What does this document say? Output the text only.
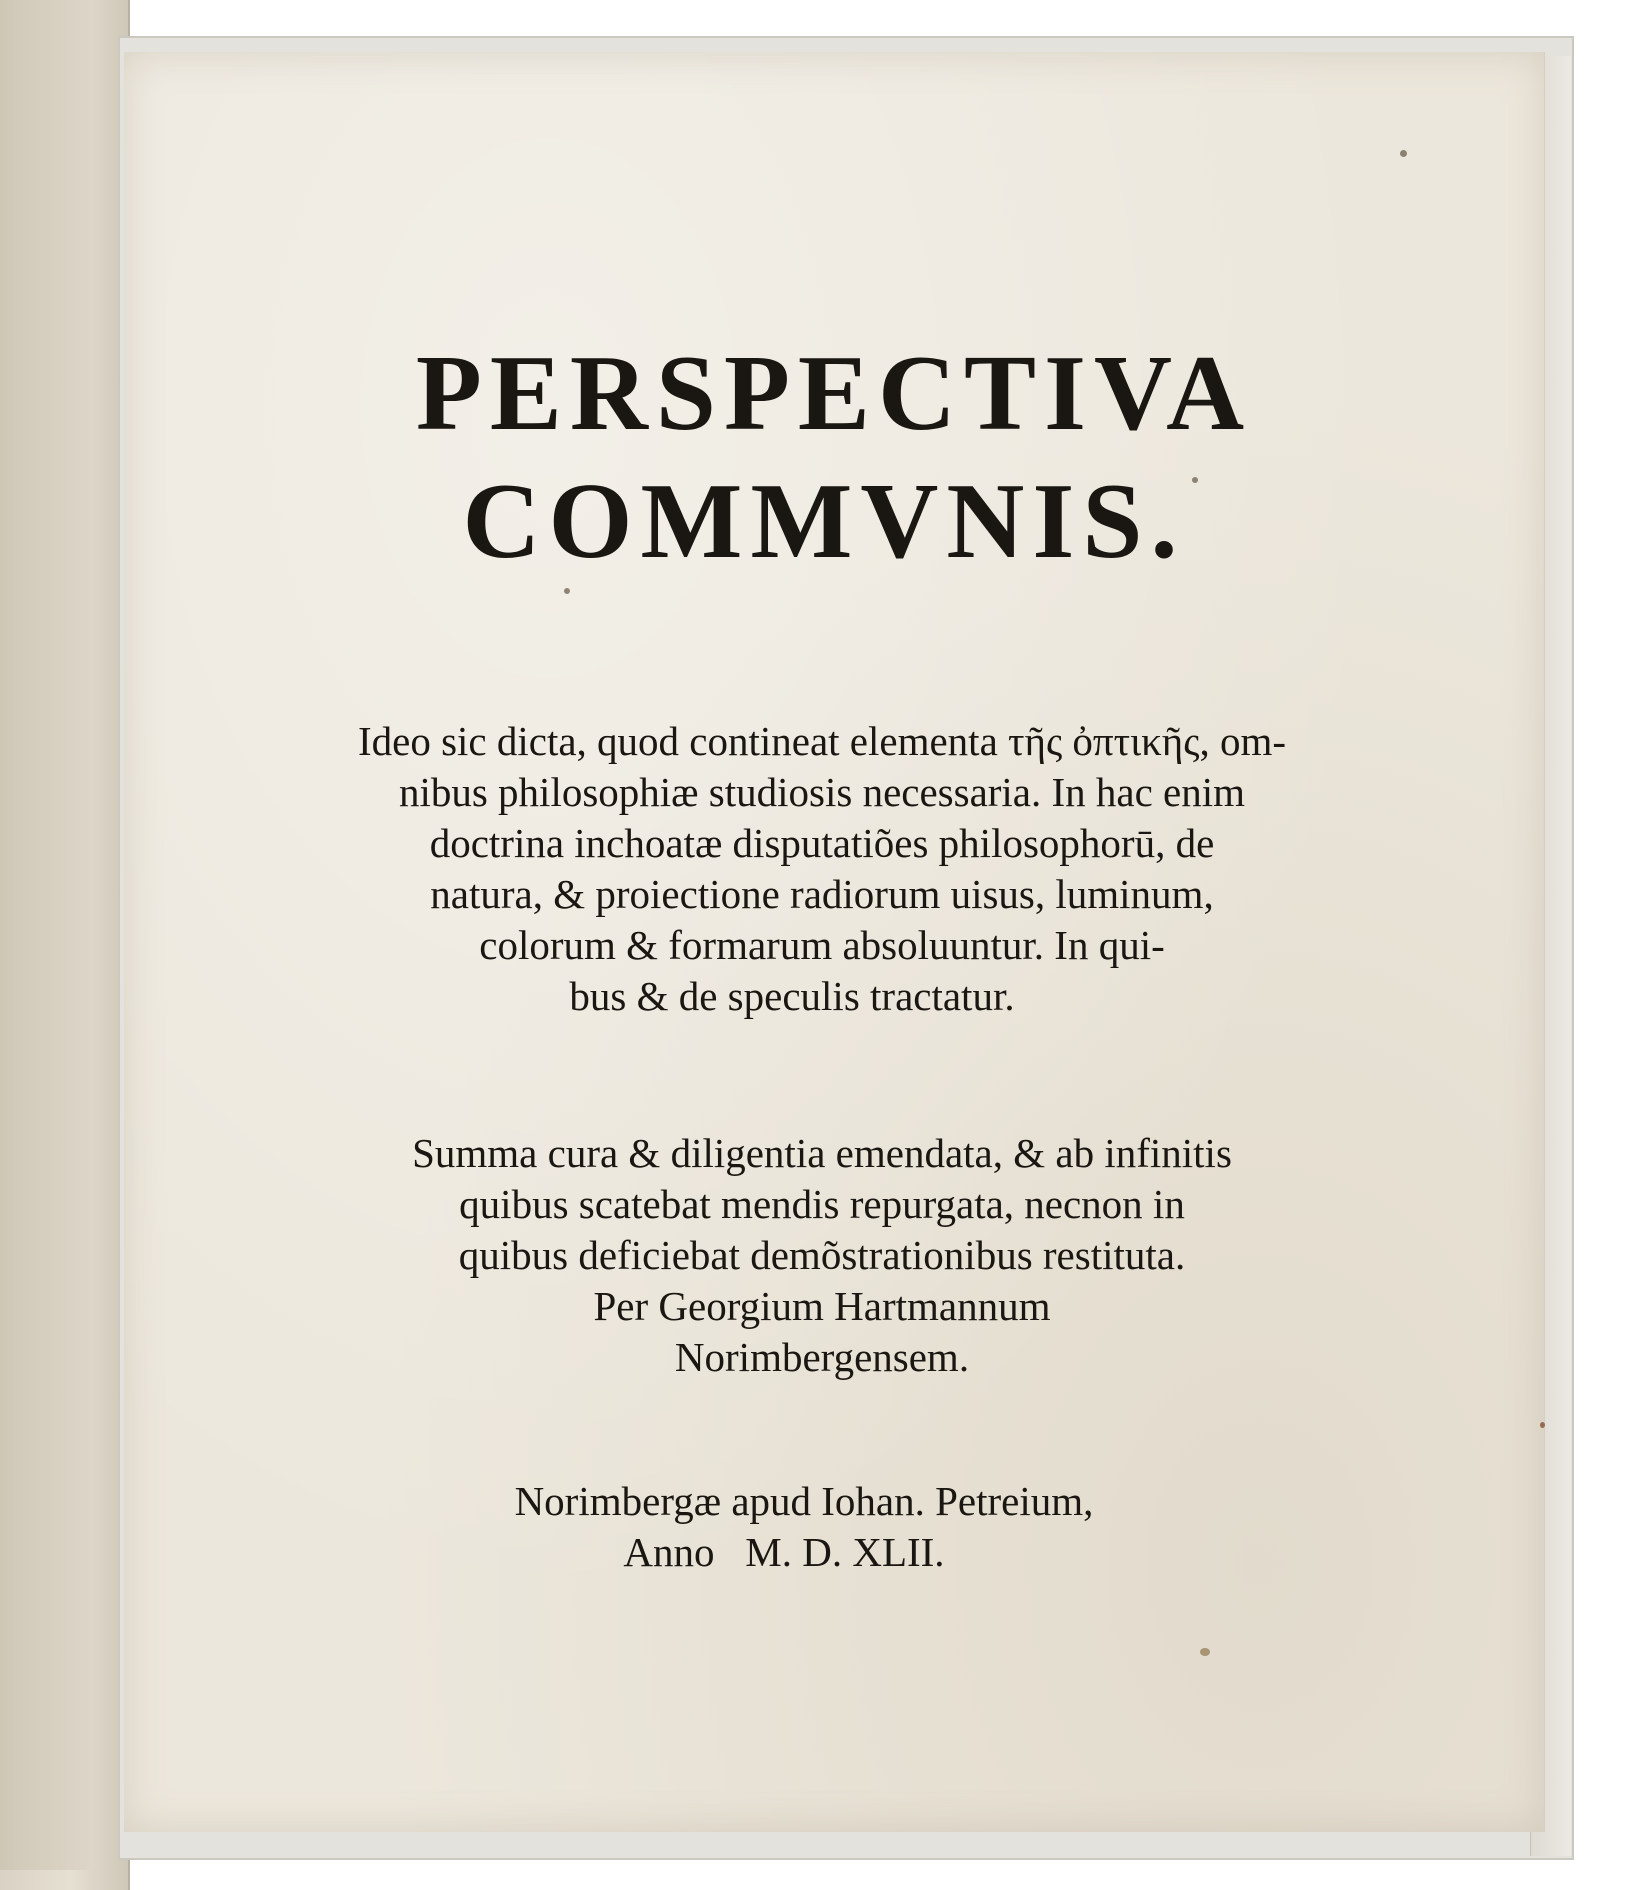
PERSPECTIVA

COMMVNIS.

Ideo sic dicta, quod contineat elementa τῆς ὀπτικῆς, om-

nibus philosophiæ studiosis necessaria. In hac enim

doctrina inchoatæ disputatiões philosophorū, de

natura, & proiectione radiorum uisus, luminum,

colorum & formarum absoluuntur. In qui-

bus & de speculis tractatur.

Summa cura & diligentia emendata, & ab infinitis

quibus scatebat mendis repurgata, necnon in

quibus deficiebat demõstrationibus restituta.

Per Georgium Hartmannum

Norimbergensem.

Norimbergæ apud Iohan. Petreium,

Anno   M. D. XLII.
